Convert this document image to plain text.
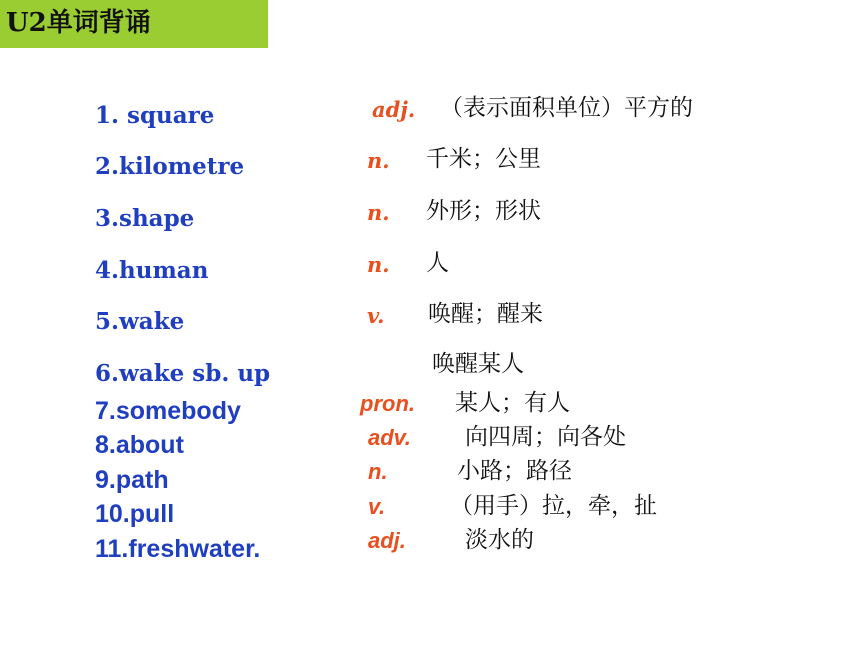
U2单词背诵
1. square
2.kilometre
3.shape
4.human
5.wake
6.wake sb. up
7.somebody
8.about
9.path
10.pull
11.freshwater.
adj.
n.
n.
n.
v.
pron.
adv.
n.
v.
adj.
（表示面积单位）平方的
千米；公里
外形；形状
人
唤醒；醒来
唤醒某人
某人；有人
向四周；向各处
小路；路径
（用手）拉，牵，扯
淡水的
